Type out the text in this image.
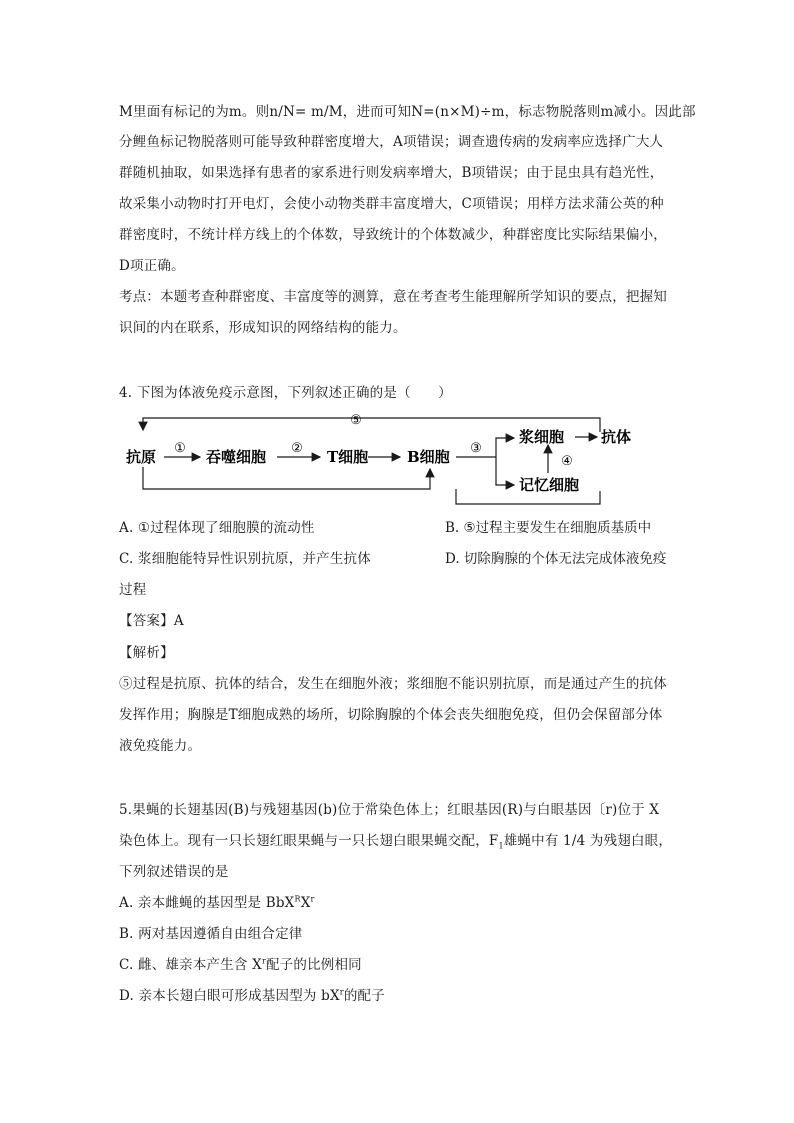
M里面有标记的为m。则n/N= m/M，进而可知N=(n×M)÷m，标志物脱落则m减小。因此部
分鲤鱼标记物脱落则可能导致种群密度增大，A项错误；调查遗传病的发病率应选择广大人
群随机抽取，如果选择有患者的家系进行则发病率增大，B项错误；由于昆虫具有趋光性，
故采集小动物时打开电灯，会使小动物类群丰富度增大，C项错误；用样方法求蒲公英的种
群密度时，不统计样方线上的个体数，导致统计的个体数减少，种群密度比实际结果偏小，
D项正确。
考点：本题考查种群密度、丰富度等的测算，意在考查考生能理解所学知识的要点，把握知
识间的内在联系，形成知识的网络结构的能力。
4. 下图为体液免疫示意图，下列叙述正确的是（　　）
⑤
抗原	吞噬细胞	T细胞	B细胞
浆细胞 抗体
记忆细胞
①	②	③
④
A. ①过程体现了细胞膜的流动性	B. ⑤过程主要发生在细胞质基质中
C. 浆细胞能特异性识别抗原，并产生抗体	D. 切除胸腺的个体无法完成体液免疫
过程
【答案】A
【解析】
⑤过程是抗原、抗体的结合，发生在细胞外液；浆细胞不能识别抗原，而是通过产生的抗体
发挥作用；胸腺是T细胞成熟的场所，切除胸腺的个体会丧失细胞免疫，但仍会保留部分体
液免疫能力。
5.果蝇的长翅基因(B)与残翅基因(b)位于常染色体上；红眼基因(R)与白眼基因〔r)位于 X
染色体上。现有一只长翅红眼果蝇与一只长翅白眼果蝇交配，$F_1$雄蝇中有 1/4 为残翅白眼，
下列叙述错误的是
A. 亲本雌蝇的基因型是 $BbX^RX^r$
B. 两对基因遵循自由组合定律
C. 雌、雄亲本产生含 $X^r$配子的比例相同
D. 亲本长翅白眼可形成基因型为 $bX^r$的配子
